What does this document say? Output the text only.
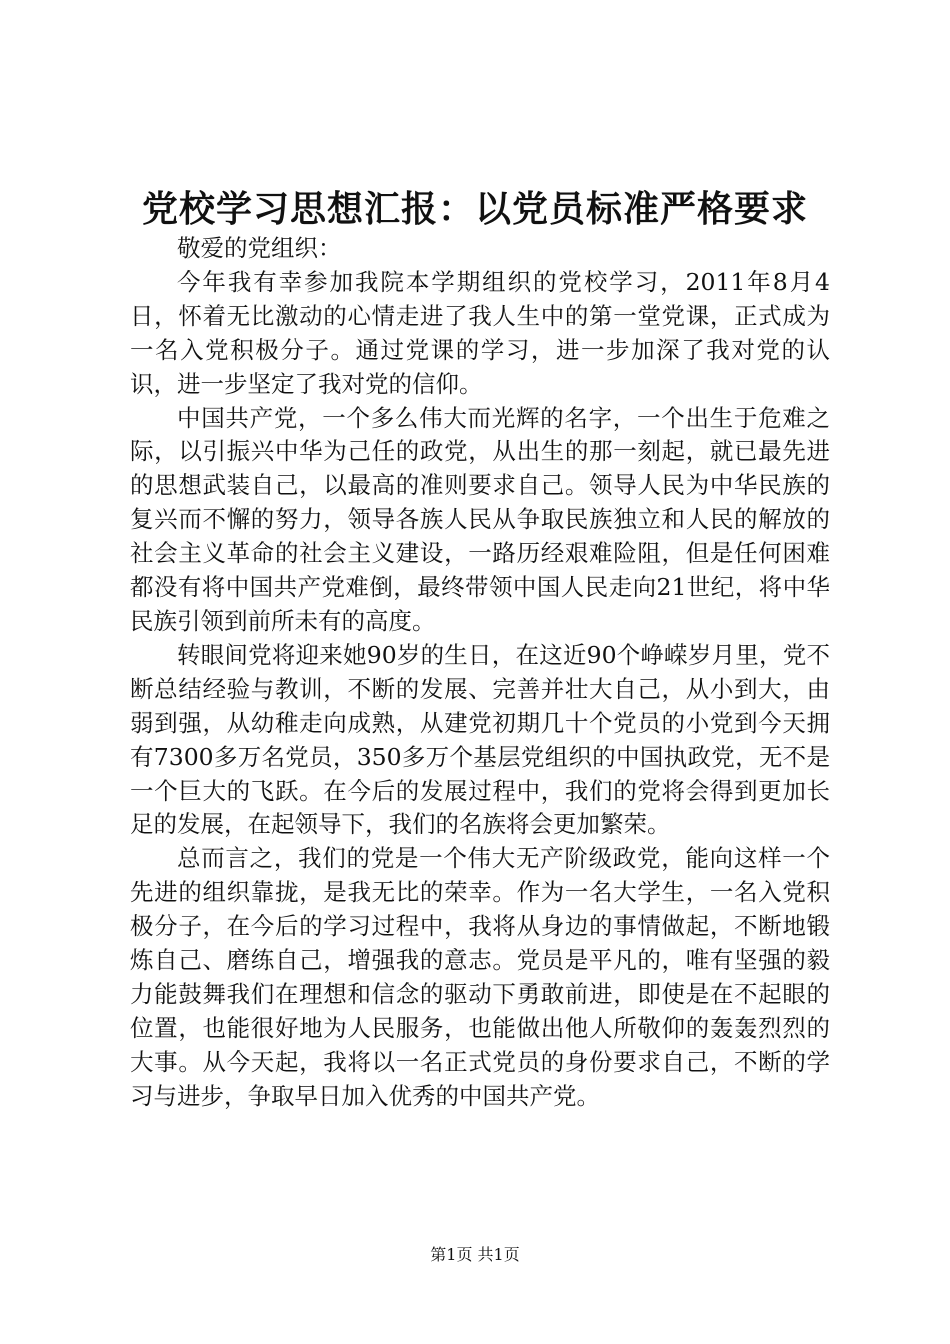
党校学习思想汇报：以党员标准严格要求

敬爱的党组织：

今年我有幸参加我院本学期组织的党校学习，2011年8月4日，怀着无比激动的心情走进了我人生中的第一堂党课，正式成为一名入党积极分子。通过党课的学习，进一步加深了我对党的认识，进一步坚定了我对党的信仰。

中国共产党，一个多么伟大而光辉的名字，一个出生于危难之际，以引振兴中华为己任的政党，从出生的那一刻起，就已最先进的思想武装自己，以最高的准则要求自己。领导人民为中华民族的复兴而不懈的努力，领导各族人民从争取民族独立和人民的解放的社会主义革命的社会主义建设，一路历经艰难险阻，但是任何困难都没有将中国共产党难倒，最终带领中国人民走向21世纪，将中华民族引领到前所未有的高度。

转眼间党将迎来她90岁的生日，在这近90个峥嵘岁月里，党不断总结经验与教训，不断的发展、完善并壮大自己，从小到大，由弱到强，从幼稚走向成熟，从建党初期几十个党员的小党到今天拥有7300多万名党员，350多万个基层党组织的中国执政党，无不是一个巨大的飞跃。在今后的发展过程中，我们的党将会得到更加长足的发展，在起领导下，我们的名族将会更加繁荣。

总而言之，我们的党是一个伟大无产阶级政党，能向这样一个先进的组织靠拢，是我无比的荣幸。作为一名大学生，一名入党积极分子，在今后的学习过程中，我将从身边的事情做起，不断地锻炼自己、磨练自己，增强我的意志。党员是平凡的，唯有坚强的毅力能鼓舞我们在理想和信念的驱动下勇敢前进，即使是在不起眼的位置，也能很好地为人民服务，也能做出他人所敬仰的轰轰烈烈的大事。从今天起，我将以一名正式党员的身份要求自己，不断的学习与进步，争取早日加入优秀的中国共产党。

第1页 共1页
